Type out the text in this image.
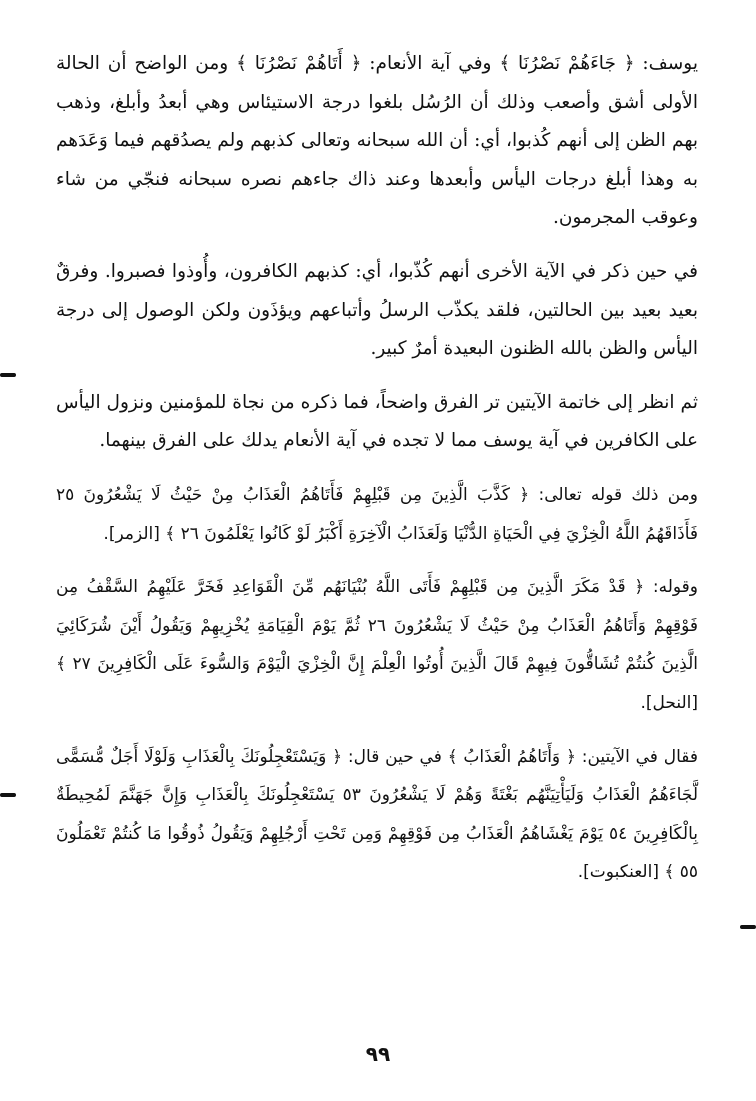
يوسف: ﴿ جَاءَهُمْ نَصْرُنَا ﴾ وفي آية الأنعام: ﴿ أَتَاهُمْ نَصْرُنَا ﴾ ومن الواضح أن الحالة الأولى أشق وأصعب وذلك أن الرُسُل بلغوا درجة الاستيئاس وهي أبعدُ وأبلغ، وذهب بهم الظن إلى أنهم كُذبوا، أي: أن الله سبحانه وتعالى كذبهم ولم يصدُقهم فيما وَعَدَهم به وهذا أبلغ درجات اليأس وأبعدها وعند ذاك جاءهم نصره سبحانه فنجّي من شاء وعوقب المجرمون.

في حين ذكر في الآية الأخرى أنهم كُذّبوا، أي: كذبهم الكافرون، وأُوذوا فصبروا. وفرقٌ بعيد بعيد بين الحالتين، فلقد يكذّب الرسلُ وأتباعهم ويؤذَون ولكن الوصول إلى درجة اليأس والظن بالله الظنون البعيدة أمرٌ كبير.

ثم انظر إلى خاتمة الآيتين تر الفرق واضحاً، فما ذكره من نجاة للمؤمنين ونزول اليأس على الكافرين في آية يوسف مما لا تجده في آية الأنعام يدلك على الفرق بينهما.

ومن ذلك قوله تعالى: ﴿ كَذَّبَ الَّذِينَ مِن قَبْلِهِمْ فَأَتَاهُمُ الْعَذَابُ مِنْ حَيْثُ لَا يَشْعُرُونَ ٢٥ فَأَذَاقَهُمُ اللَّهُ الْخِزْيَ فِي الْحَيَاةِ الدُّنْيَا وَلَعَذَابُ الْآخِرَةِ أَكْبَرُ لَوْ كَانُوا يَعْلَمُونَ ٢٦ ﴾ [الزمر].

وقوله: ﴿ قَدْ مَكَرَ الَّذِينَ مِن قَبْلِهِمْ فَأَتَى اللَّهُ بُنْيَانَهُم مِّنَ الْقَوَاعِدِ فَخَرَّ عَلَيْهِمُ السَّقْفُ مِن فَوْقِهِمْ وَأَتَاهُمُ الْعَذَابُ مِنْ حَيْثُ لَا يَشْعُرُونَ ٢٦ ثُمَّ يَوْمَ الْقِيَامَةِ يُخْزِيهِمْ وَيَقُولُ أَيْنَ شُرَكَائِيَ الَّذِينَ كُنتُمْ تُشَاقُّونَ فِيهِمْ قَالَ الَّذِينَ أُوتُوا الْعِلْمَ إِنَّ الْخِزْيَ الْيَوْمَ وَالسُّوءَ عَلَى الْكَافِرِينَ ٢٧ ﴾ [النحل].

فقال في الآيتين: ﴿ وَأَتَاهُمُ الْعَذَابُ ﴾ في حين قال: ﴿ وَيَسْتَعْجِلُونَكَ بِالْعَذَابِ وَلَوْلَا أَجَلٌ مُّسَمًّى لَّجَاءَهُمُ الْعَذَابُ وَلَيَأْتِيَنَّهُم بَغْتَةً وَهُمْ لَا يَشْعُرُونَ ٥٣ يَسْتَعْجِلُونَكَ بِالْعَذَابِ وَإِنَّ جَهَنَّمَ لَمُحِيطَةٌ بِالْكَافِرِينَ ٥٤ يَوْمَ يَغْشَاهُمُ الْعَذَابُ مِن فَوْقِهِمْ وَمِن تَحْتِ أَرْجُلِهِمْ وَيَقُولُ ذُوقُوا مَا كُنتُمْ تَعْمَلُونَ ٥٥ ﴾ [العنكبوت].

٩٩
